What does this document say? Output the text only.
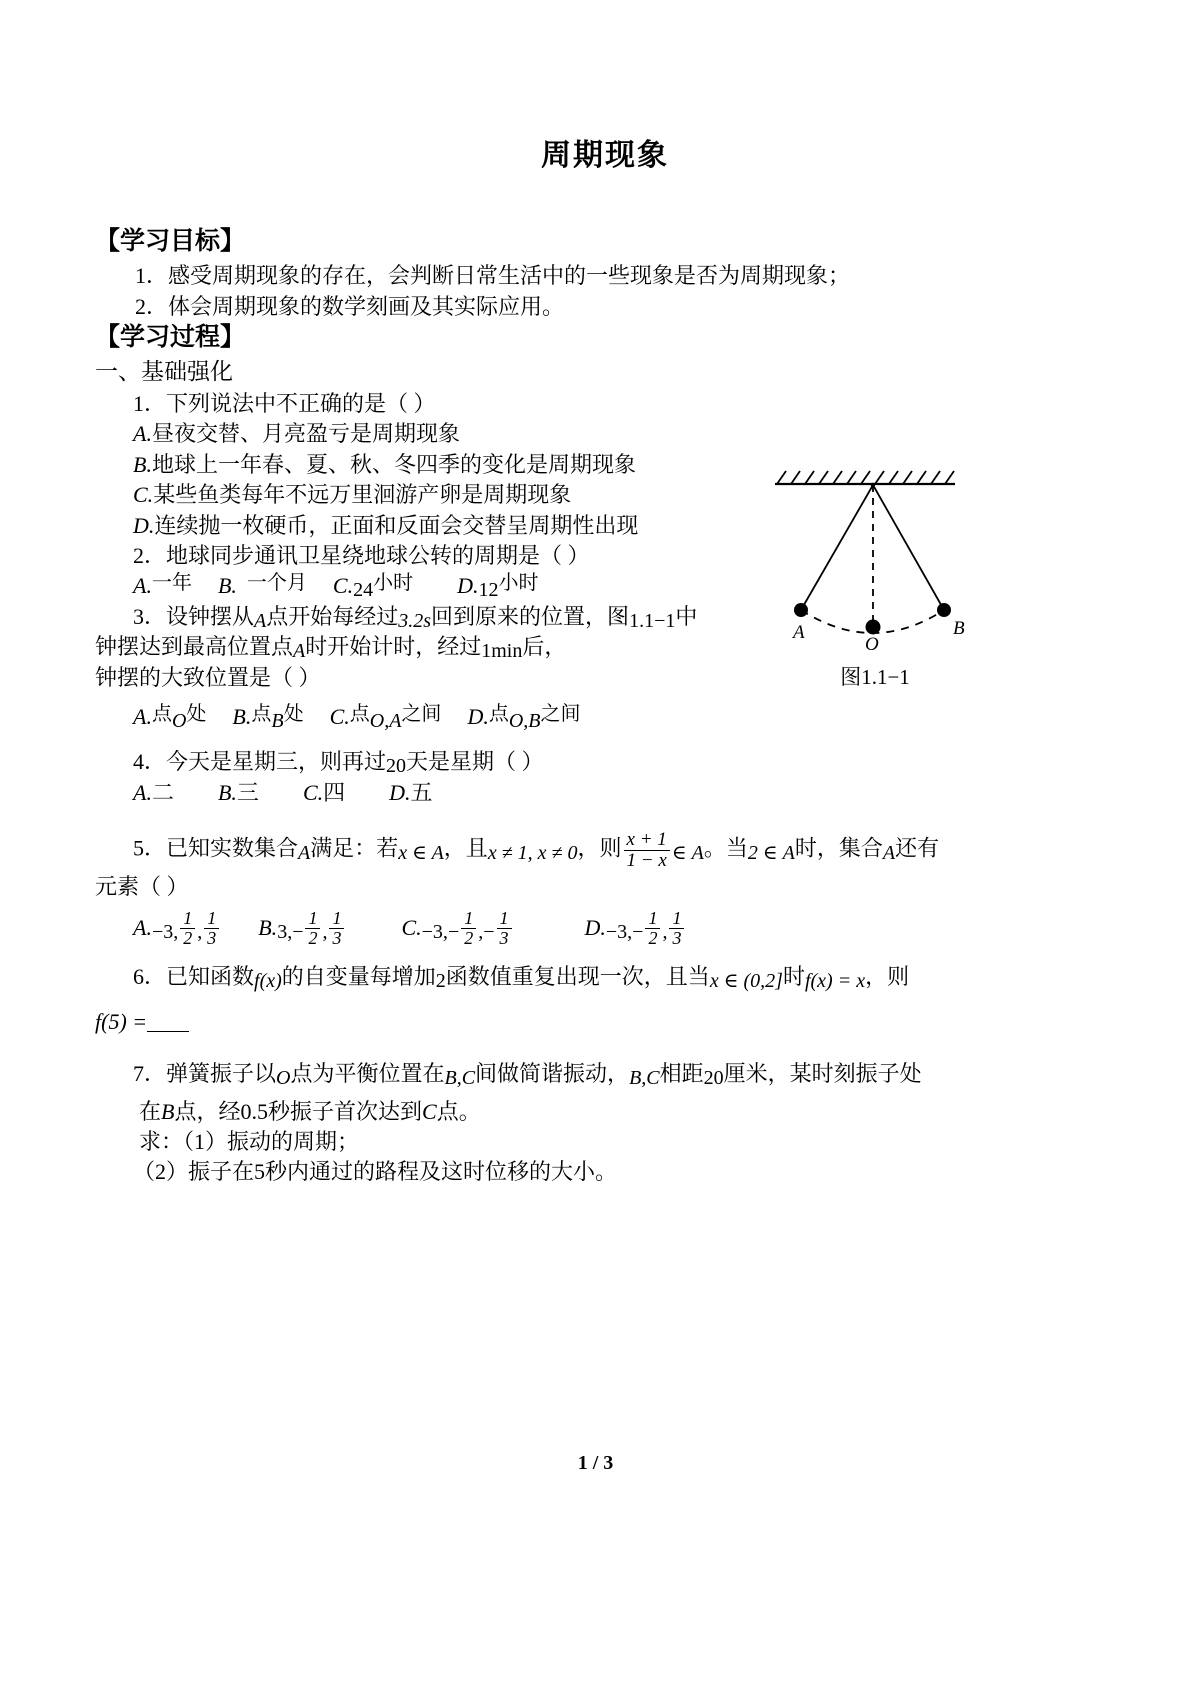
周期现象
【学习目标】
1．感受周期现象的存在，会判断日常生活中的一些现象是否为周期现象；
2．体会周期现象的数学刻画及其实际应用。
【学习过程】
一、基础强化
1．下列说法中不正确的是（ ）
A.昼夜交替、月亮盈亏是周期现象
B.地球上一年春、夏、秋、冬四季的变化是周期现象
C.某些鱼类每年不远万里洄游产卵是周期现象
D.连续抛一枚硬币，正面和反面会交替呈周期性出现
2．地球同步通讯卫星绕地球公转的周期是（ ）
A.一年 B. 一个月 C.24小时 D.12小时
3．设钟摆从A点开始每经过3.2s回到原来的位置，图1.1−1中
钟摆达到最高位置点A时开始计时，经过1min后，
钟摆的大致位置是（ ）
A.点O处 B.点B处 C.点O,A之间 D.点O,B之间
4．今天是星期三，则再过20天是星期（ ）
A.二 B.三 C.四 D.五
5．已知实数集合A满足：若x ∈ A，且x ≠ 1, x ≠ 0，则 $\frac{x + 1}{1 - x}$ ∈ A。当2 ∈ A时，集合A还有
元素（ ）
A.−3, $\frac{1}{2}$ , $\frac{1}{3} B.3,- \frac{1}{2}$ , $\frac{1}{3}$	$C.-3,- \frac{1}{2}$ ,− $\frac{1}{3}$	$D.-3,- \frac{1}{2}$ , $\frac{1}{3}$
6．已知函数f(x)的自变量每增加2函数值重复出现一次，且当x ∈ (0,2]时f(x) = x，则
f(5) =
7．弹簧振子以O点为平衡位置在B,C间做简谐振动，B,C相距20厘米，某时刻振子处
在B点，经0.5秒振子首次达到C点。
求：（1）振动的周期；
（2）振子在5秒内通过的路程及这时位移的大小。
A
O
B
图1.1−1
1 / 3
